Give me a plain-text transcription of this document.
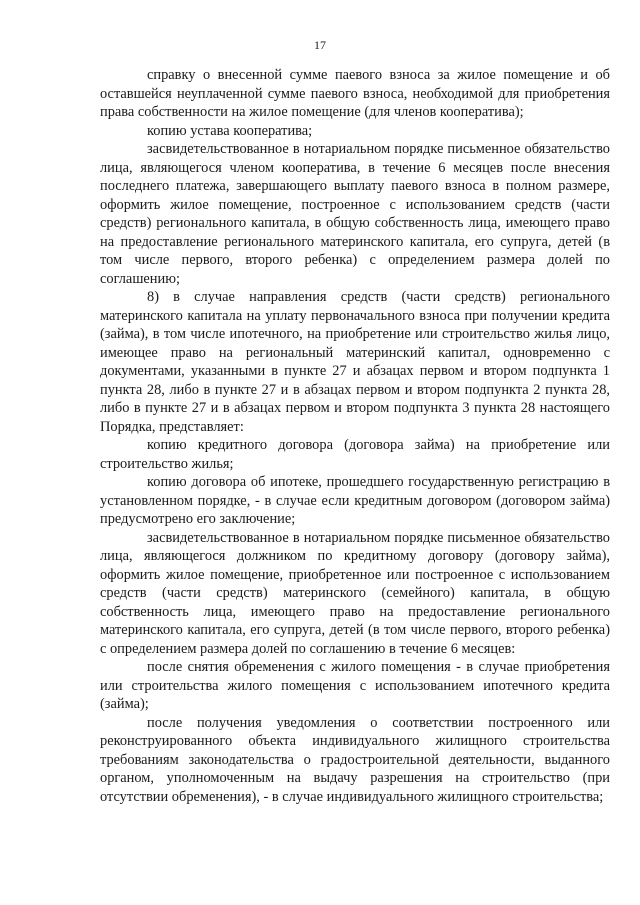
17

справку о внесенной сумме паевого взноса за жилое помещение и об оставшейся неуплаченной сумме паевого взноса, необходимой для приобретения права собственности на жилое помещение (для членов кооператива);

копию устава кооператива;

засвидетельствованное в нотариальном порядке письменное обязательство лица, являющегося членом кооператива, в течение 6 месяцев после внесения последнего платежа, завершающего выплату паевого взноса в полном размере, оформить жилое помещение, построенное с использованием средств (части средств) регионального капитала, в общую собственность лица, имеющего право на предоставление регионального материнского капитала, его супруга, детей (в том числе первого, второго ребенка) с определением размера долей по соглашению;

8) в случае направления средств (части средств) регионального материнского капитала на уплату первоначального взноса при получении кредита (займа), в том числе ипотечного, на приобретение или строительство жилья лицо, имеющее право на региональный материнский капитал, одновременно с документами, указанными в пункте 27 и абзацах первом и втором подпункта 1 пункта 28, либо в пункте 27 и в абзацах первом и втором подпункта 2 пункта 28, либо в пункте 27 и в абзацах первом и втором подпункта 3 пункта 28 настоящего Порядка, представляет:

копию кредитного договора (договора займа) на приобретение или строительство жилья;

копию договора об ипотеке, прошедшего государственную регистрацию в установленном порядке, - в случае если кредитным договором (договором займа) предусмотрено его заключение;

засвидетельствованное в нотариальном порядке письменное обязательство лица, являющегося должником по кредитному договору (договору займа), оформить жилое помещение, приобретенное или построенное с использованием средств (части средств) материнского (семейного) капитала, в общую собственность лица, имеющего право на предоставление регионального материнского капитала, его супруга, детей (в том числе первого, второго ребенка) с определением размера долей по соглашению в течение 6 месяцев:

после снятия обременения с жилого помещения - в случае приобретения или строительства жилого помещения с использованием ипотечного кредита (займа);

после получения уведомления о соответствии построенного или реконструированного объекта индивидуального жилищного строительства требованиям законодательства о градостроительной деятельности, выданного органом, уполномоченным на выдачу разрешения на строительство (при отсутствии обременения), - в случае индивидуального жилищного строительства;
